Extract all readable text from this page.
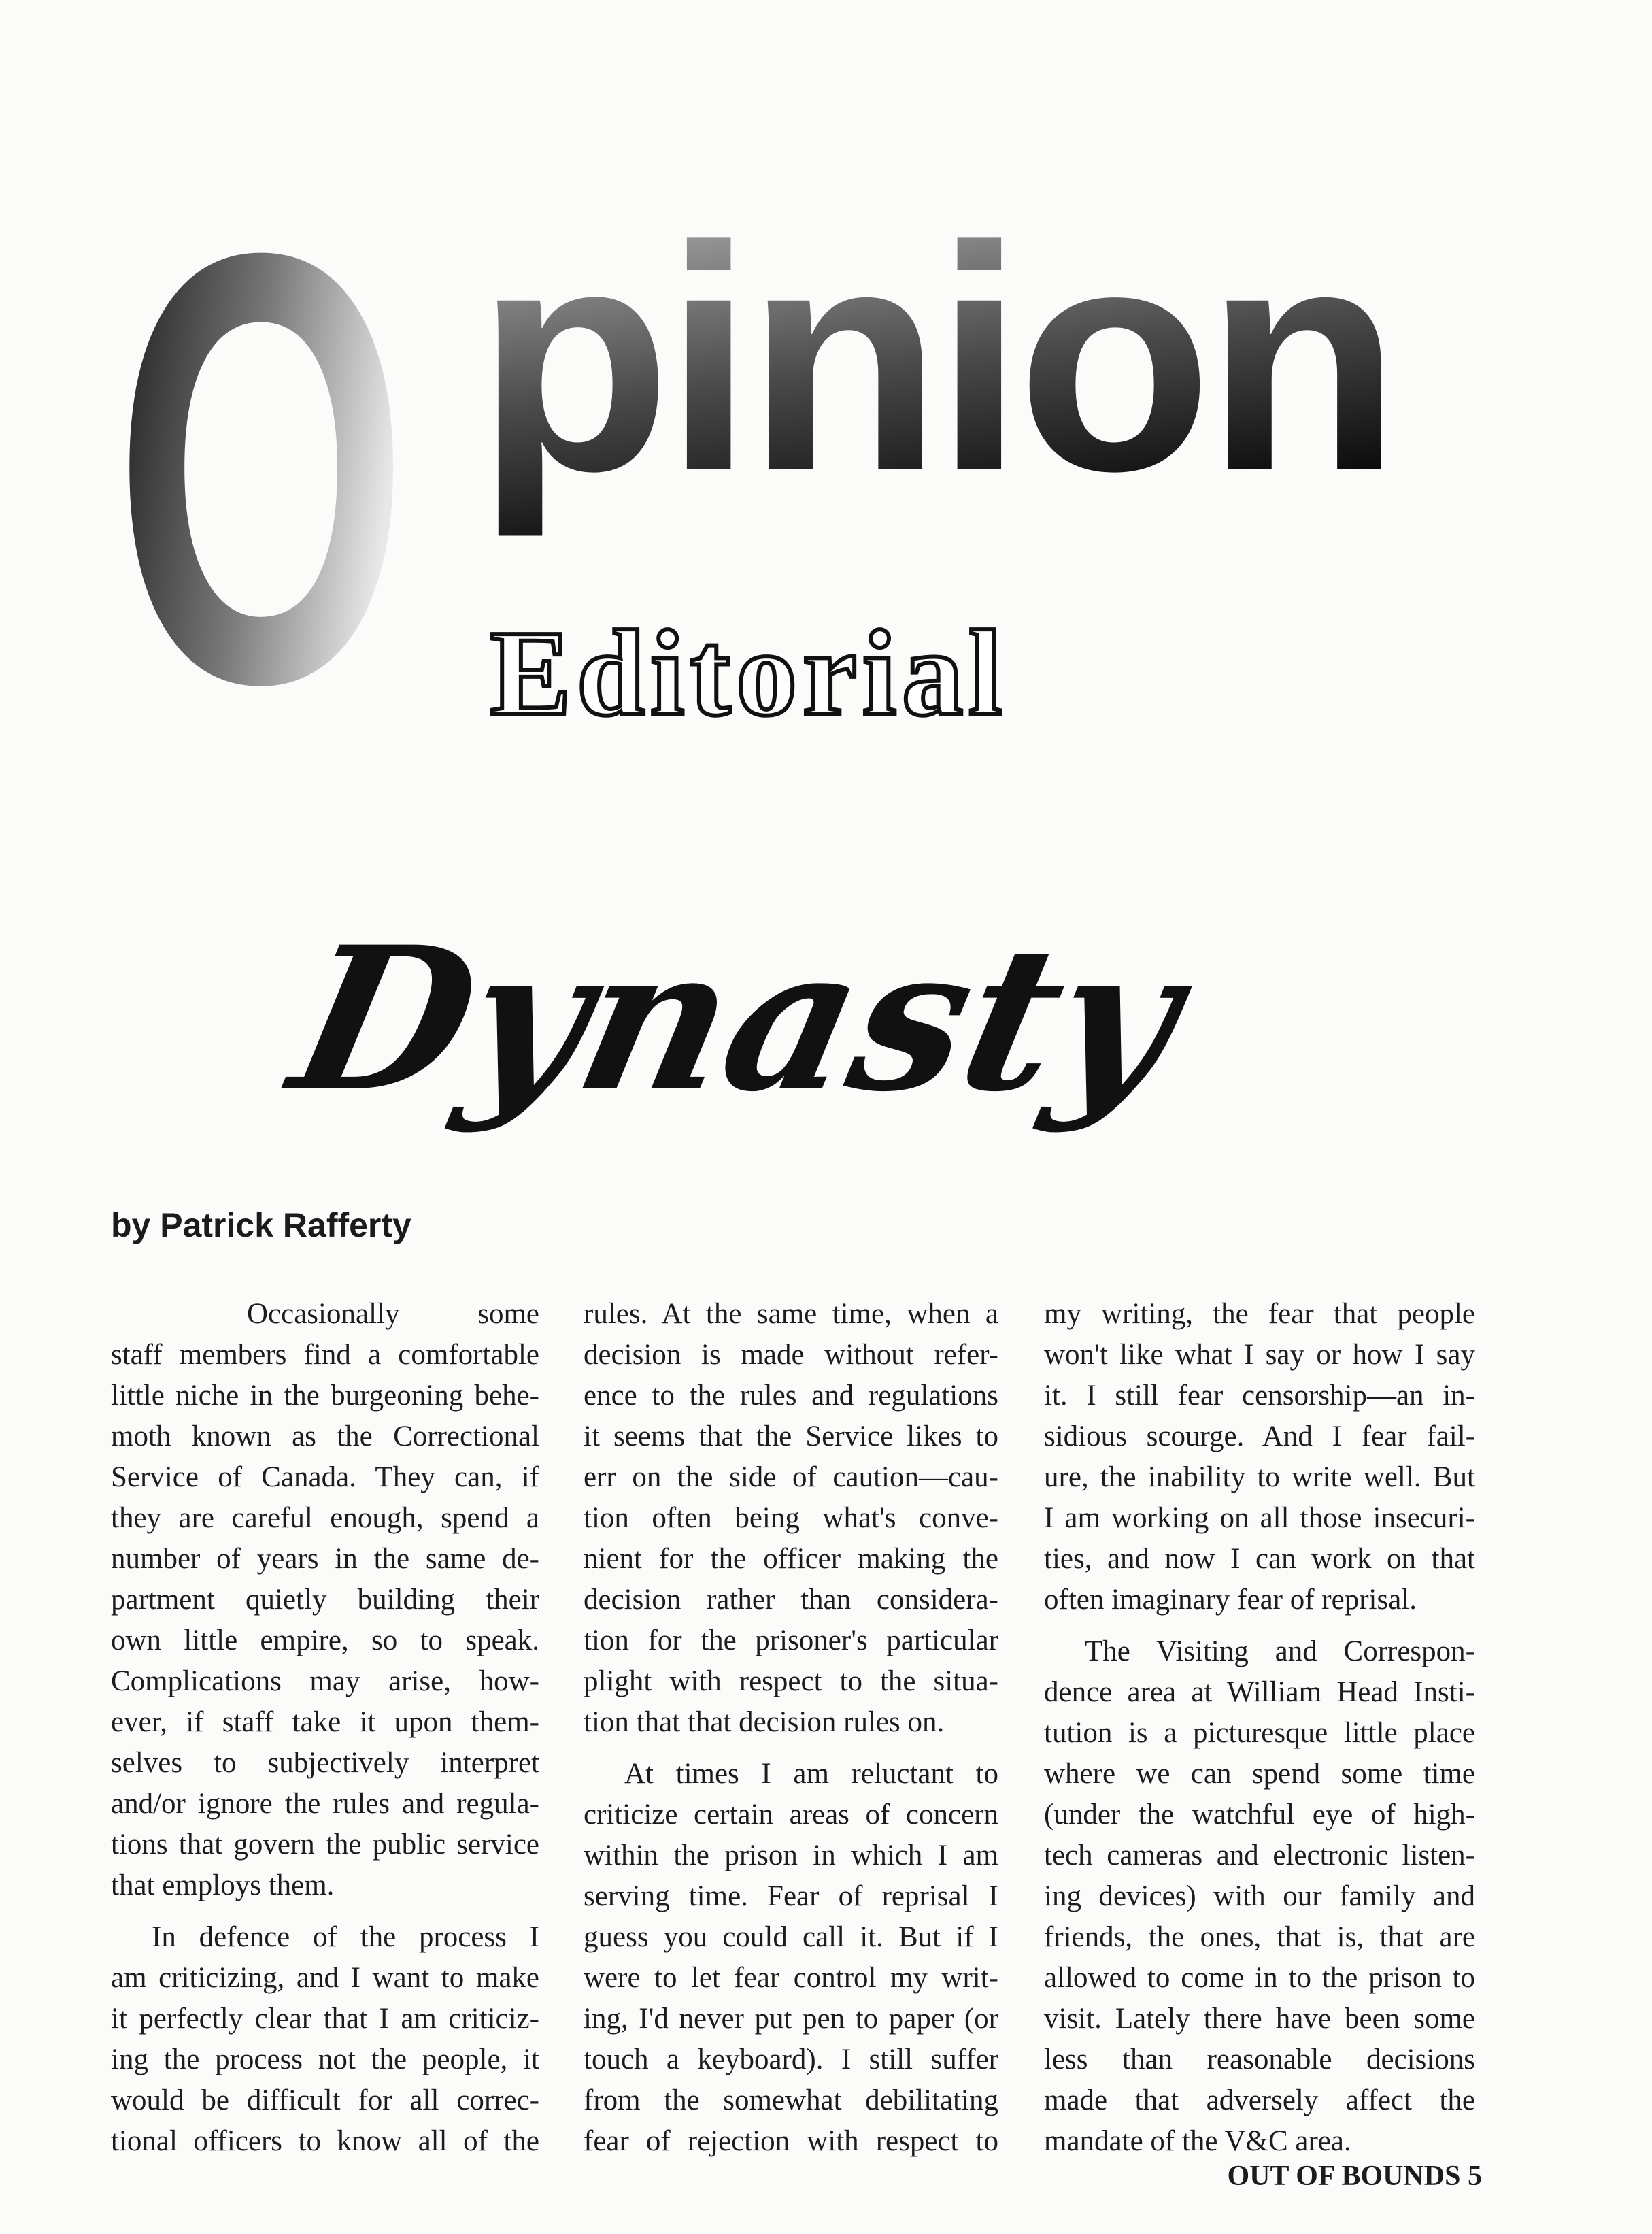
O pinion
Editorial
Dynasty
by Patrick Rafferty
Occasionally some
staff members find a comfortable
little niche in the burgeoning behe-
moth known as the Correctional
Service of Canada. They can, if
they are careful enough, spend a
number of years in the same de-
partment quietly building their
own little empire, so to speak.
Complications may arise, how-
ever, if staff take it upon them-
selves to subjectively interpret
and/or ignore the rules and regula-
tions that govern the public service
that employs them.
In defence of the process I
am criticizing, and I want to make
it perfectly clear that I am criticiz-
ing the process not the people, it
would be difficult for all correc-
tional officers to know all of the
rules. At the same time, when a
decision is made without refer-
ence to the rules and regulations
it seems that the Service likes to
err on the side of caution—cau-
tion often being what's conve-
nient for the officer making the
decision rather than considera-
tion for the prisoner's particular
plight with respect to the situa-
tion that that decision rules on.
At times I am reluctant to
criticize certain areas of concern
within the prison in which I am
serving time. Fear of reprisal I
guess you could call it. But if I
were to let fear control my writ-
ing, I'd never put pen to paper (or
touch a keyboard). I still suffer
from the somewhat debilitating
fear of rejection with respect to
my writing, the fear that people
won't like what I say or how I say
it. I still fear censorship—an in-
sidious scourge. And I fear fail-
ure, the inability to write well. But
I am working on all those insecuri-
ties, and now I can work on that
often imaginary fear of reprisal.
The Visiting and Correspon-
dence area at William Head Insti-
tution is a picturesque little place
where we can spend some time
(under the watchful eye of high-
tech cameras and electronic listen-
ing devices) with our family and
friends, the ones, that is, that are
allowed to come in to the prison to
visit. Lately there have been some
less than reasonable decisions
made that adversely affect the
mandate of the V&C area.
OUT OF BOUNDS 5
